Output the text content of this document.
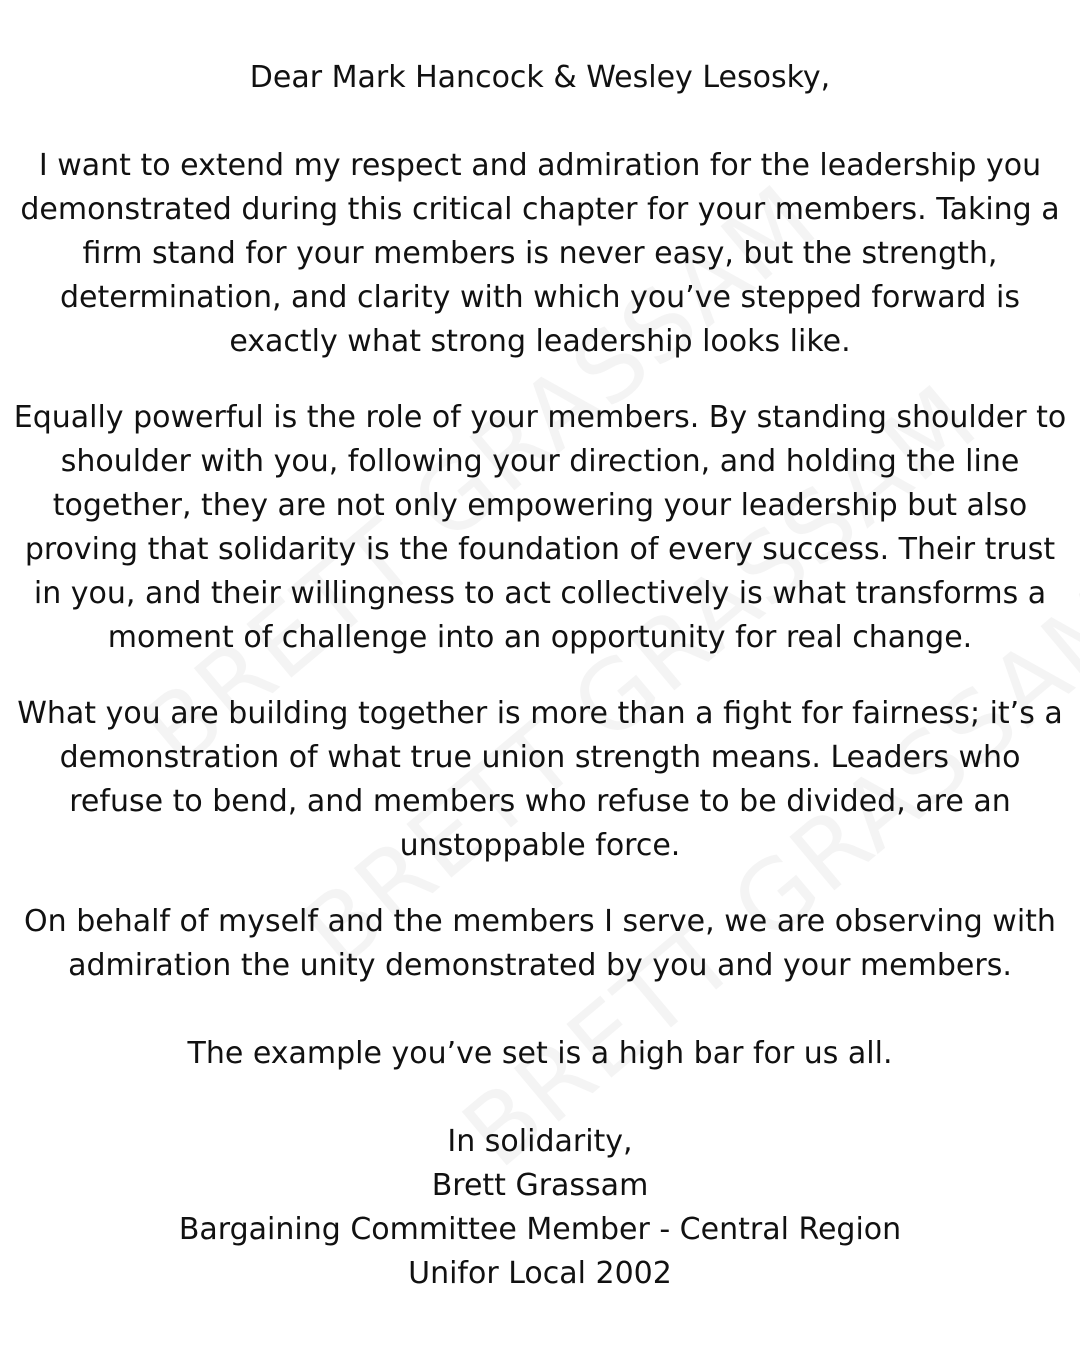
Dear Mark Hancock & Wesley Lesosky,

I want to extend my respect and admiration for the leadership you
demonstrated during this critical chapter for your members. Taking a
firm stand for your members is never easy, but the strength,
determination, and clarity with which you’ve stepped forward is
exactly what strong leadership looks like.
Equally powerful is the role of your members. By standing shoulder to
shoulder with you, following your direction, and holding the line
together, they are not only empowering your leadership but also
proving that solidarity is the foundation of every success. Their trust
in you, and their willingness to act collectively is what transforms a
moment of challenge into an opportunity for real change.
What you are building together is more than a fight for fairness; it’s a
demonstration of what true union strength means. Leaders who
refuse to bend, and members who refuse to be divided, are an
unstoppable force.
On behalf of myself and the members I serve, we are observing with
admiration the unity demonstrated by you and your members.
The example you’ve set is a high bar for us all.
In solidarity,
Brett Grassam
Bargaining Committee Member - Central Region
Unifor Local 2002
